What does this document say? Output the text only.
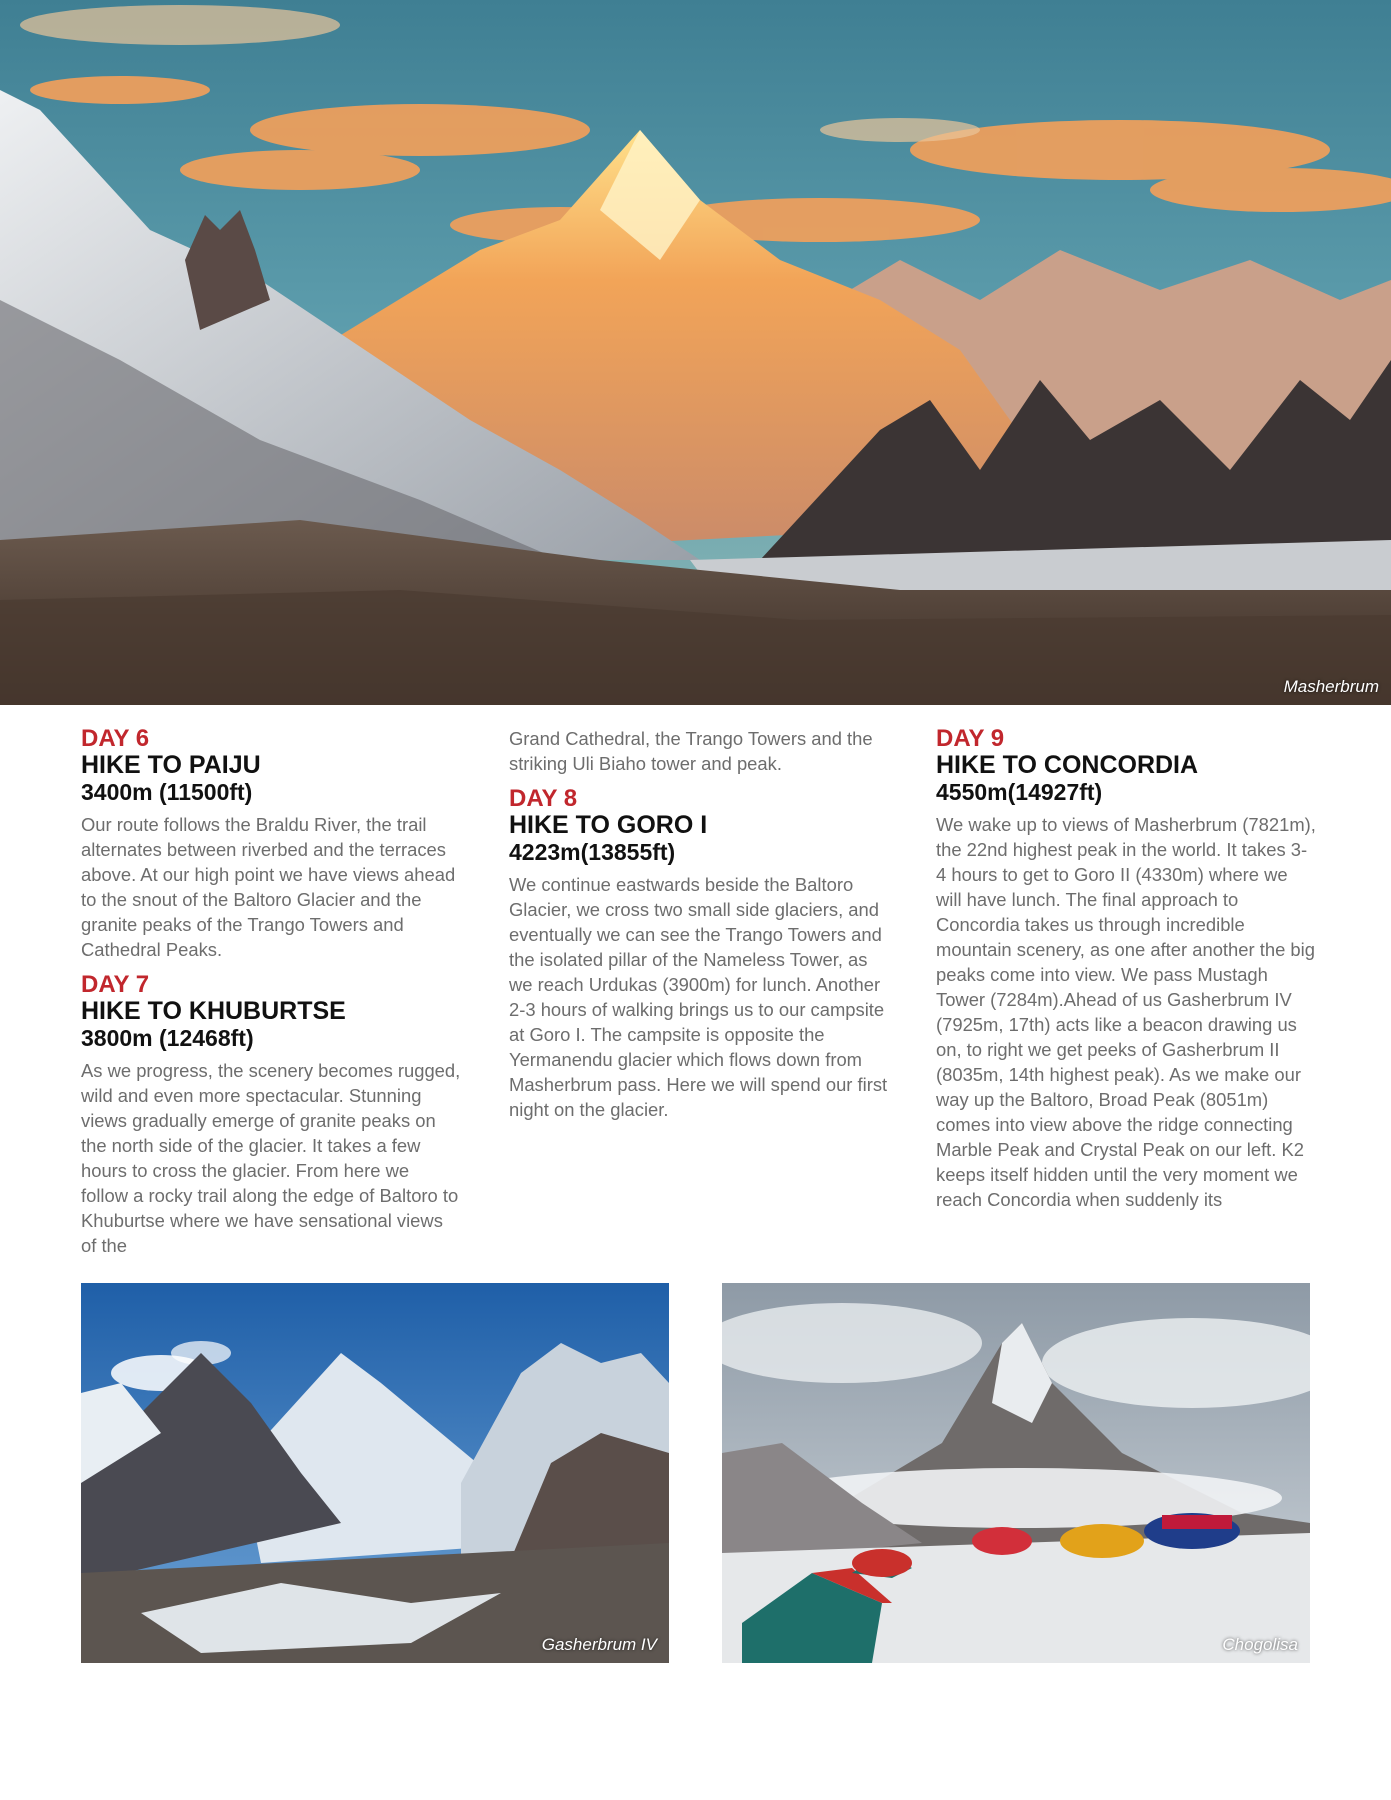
Masherbrum
DAY 6
HIKE TO PAIJU
3400m (11500ft)
Our route follows the Braldu River, the trail alternates between riverbed and the terraces above. At our high point we have views ahead to the snout of the Baltoro Glacier and the granite peaks of the Trango Towers and Cathedral Peaks.
DAY 7
HIKE TO KHUBURTSE
3800m (12468ft)
As we progress, the scenery becomes rugged, wild and even more spectacular. Stunning views gradually emerge of granite peaks on the north side of the glacier. It takes a few hours to cross the glacier. From here we follow a rocky trail along the edge of Baltoro to Khuburtse where we have sensational views of the
Grand Cathedral, the Trango Towers and the striking Uli Biaho tower and peak.
DAY 8
HIKE TO GORO I
4223m(13855ft)
We continue eastwards beside the Baltoro Glacier, we cross two small side glaciers, and eventually we can see the Trango Towers and the isolated pillar of the Nameless Tower, as we reach Urdukas (3900m) for lunch. Another 2-3 hours of walking brings us to our campsite at Goro I. The campsite is opposite the Yermanendu glacier which flows down from Masherbrum pass. Here we will spend our first night on the glacier.
DAY 9
HIKE TO CONCORDIA
4550m(14927ft)
We wake up to views of Masherbrum (7821m), the 22nd highest peak in the world. It takes 3-4 hours to get to Goro II (4330m) where we will have lunch. The final approach to Concordia takes us through incredible mountain scenery, as one after another the big peaks come into view. We pass Mustagh Tower (7284m).Ahead of us Gasherbrum IV (7925m, 17th) acts like a beacon drawing us on, to right we get peeks of Gasherbrum II (8035m, 14th highest peak). As we make our way up the Baltoro, Broad Peak (8051m) comes into view above the ridge connecting Marble Peak and Crystal Peak on our left. K2 keeps itself hidden until the very moment we reach Concordia when suddenly its
Gasherbrum IV	Chogolisa
